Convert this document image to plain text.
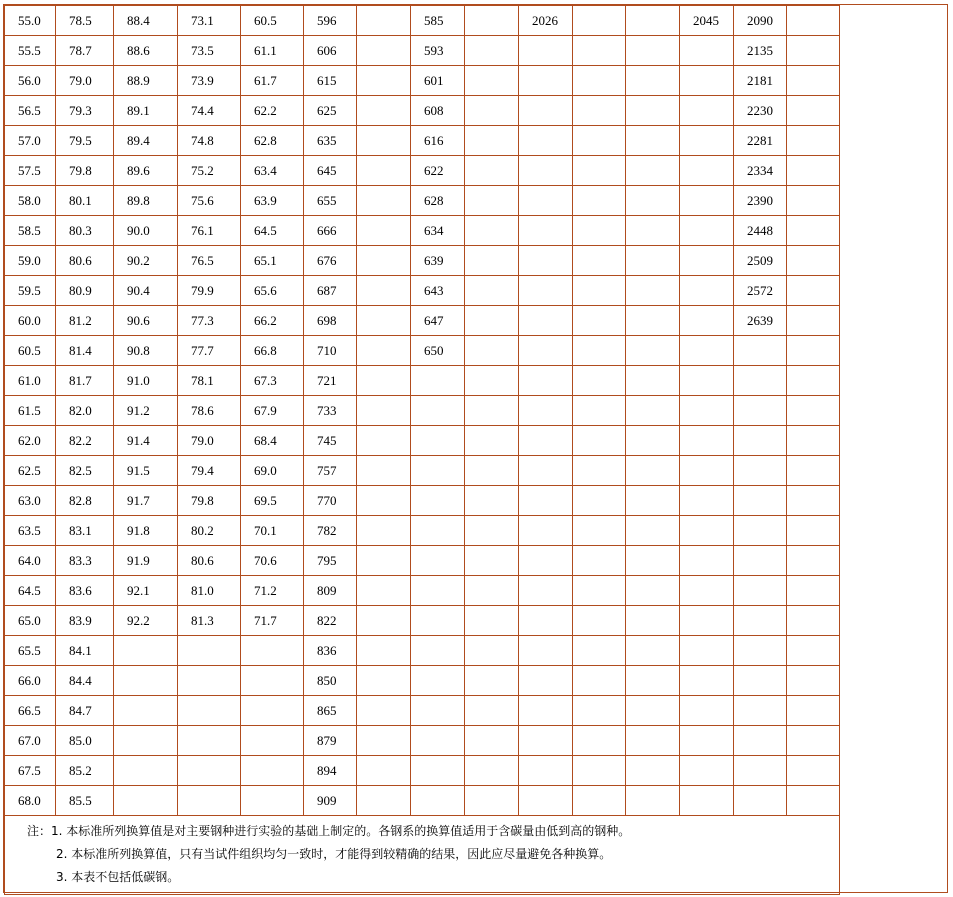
55.0	78.5	88.4	73.1	60.5	596		585		2026			2045	2090	
55.5	78.7	88.6	73.5	61.1	606		593						2135	
56.0	79.0	88.9	73.9	61.7	615		601						2181	
56.5	79.3	89.1	74.4	62.2	625		608						2230	
57.0	79.5	89.4	74.8	62.8	635		616						2281	
57.5	79.8	89.6	75.2	63.4	645		622						2334	
58.0	80.1	89.8	75.6	63.9	655		628						2390	
58.5	80.3	90.0	76.1	64.5	666		634						2448	
59.0	80.6	90.2	76.5	65.1	676		639						2509	
59.5	80.9	90.4	79.9	65.6	687		643						2572	
60.0	81.2	90.6	77.3	66.2	698		647						2639	
60.5	81.4	90.8	77.7	66.8	710		650							
61.0	81.7	91.0	78.1	67.3	721									
61.5	82.0	91.2	78.6	67.9	733									
62.0	82.2	91.4	79.0	68.4	745									
62.5	82.5	91.5	79.4	69.0	757									
63.0	82.8	91.7	79.8	69.5	770									
63.5	83.1	91.8	80.2	70.1	782									
64.0	83.3	91.9	80.6	70.6	795									
64.5	83.6	92.1	81.0	71.2	809									
65.0	83.9	92.2	81.3	71.7	822									
65.5	84.1				836									
66.0	84.4				850									
66.5	84.7				865									
67.0	85.0				879									
67.5	85.2				894									
68.0	85.5				909									

注：1. 本标准所列换算值是对主要钢种进行实验的基础上制定的。各钢系的换算值适用于含碳量由低到高的钢种。
2. 本标准所列换算值，只有当试件组织均匀一致时，才能得到较精确的结果，因此应尽量避免各种换算。
3. 本表不包括低碳钢。														
